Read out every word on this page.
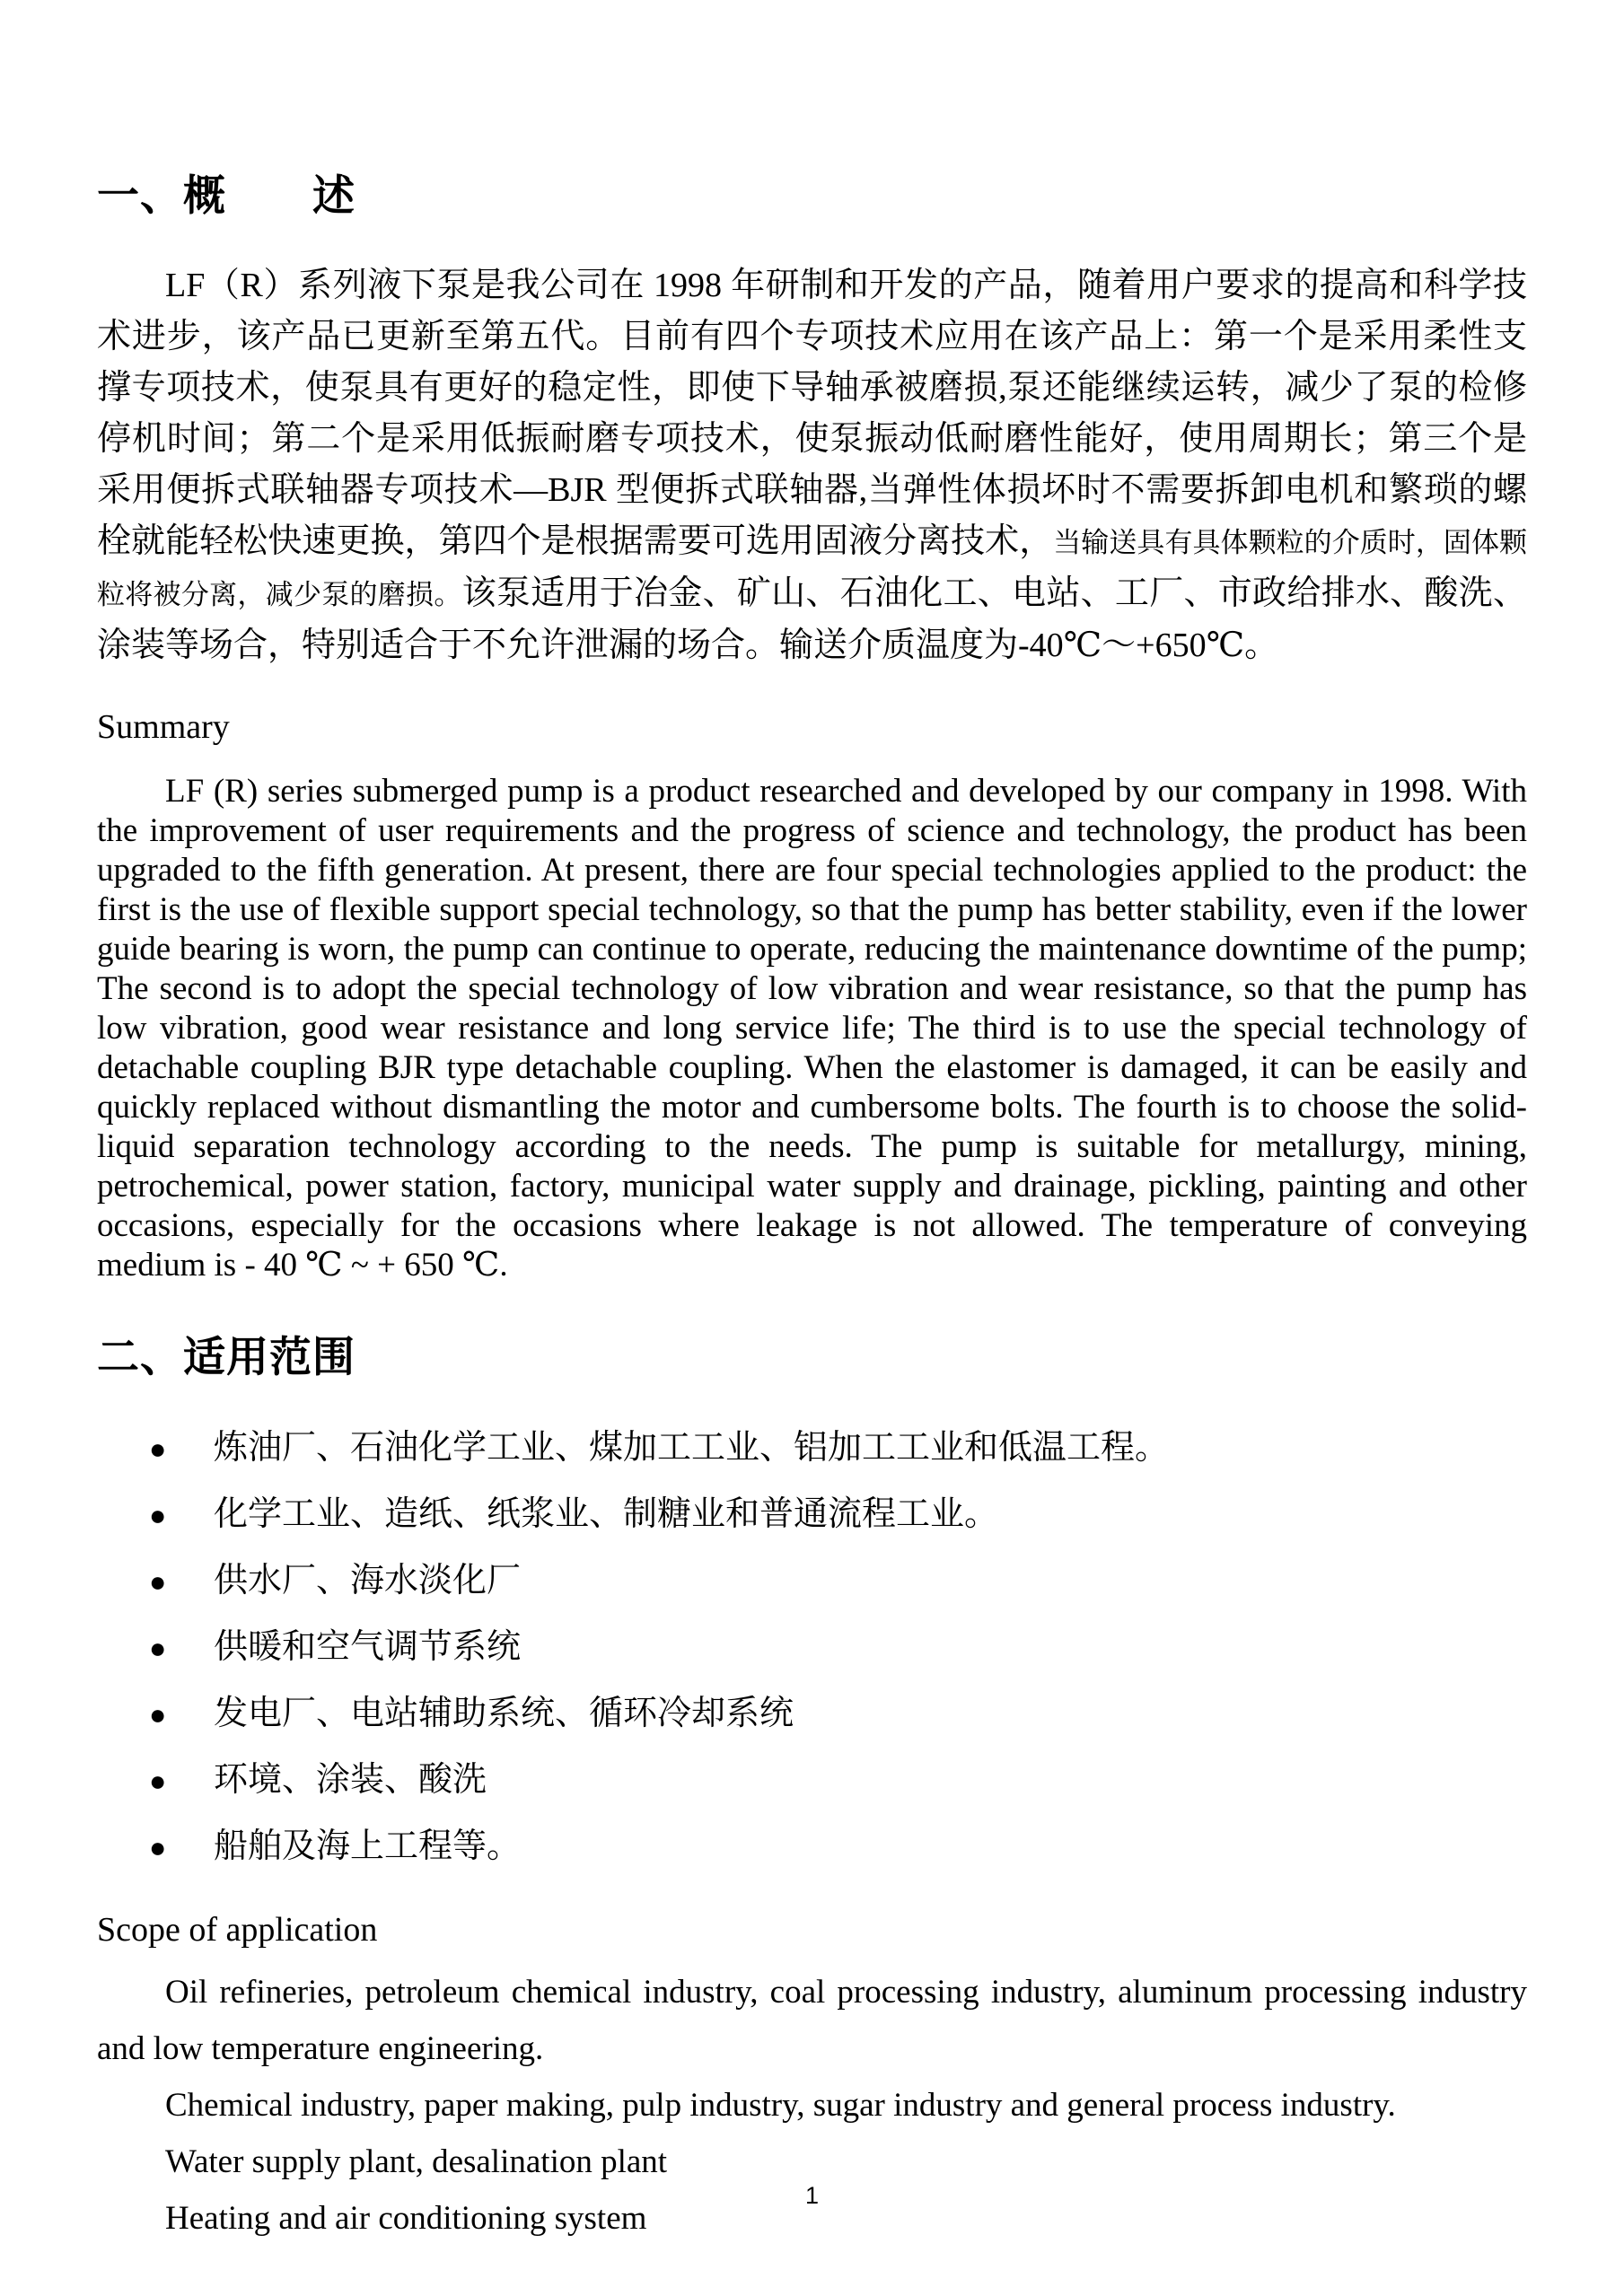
一、概　　述

LF（R）系列液下泵是我公司在 1998 年研制和开发的产品，随着用户要求的提高和科学技术进步，该产品已更新至第五代。目前有四个专项技术应用在该产品上：第一个是采用柔性支撑专项技术，使泵具有更好的稳定性，即使下导轴承被磨损,泵还能继续运转，减少了泵的检修停机时间；第二个是采用低振耐磨专项技术，使泵振动低耐磨性能好，使用周期长；第三个是采用便拆式联轴器专项技术—BJR 型便拆式联轴器,当弹性体损坏时不需要拆卸电机和繁琐的螺栓就能轻松快速更换，第四个是根据需要可选用固液分离技术，当输送具有具体颗粒的介质时，固体颗粒将被分离，减少泵的磨损。该泵适用于冶金、矿山、石油化工、电站、工厂、市政给排水、酸洗、涂装等场合，特别适合于不允许泄漏的场合。输送介质温度为-40℃～+650℃。

Summary

LF (R) series submerged pump is a product researched and developed by our company in 1998. With the improvement of user requirements and the progress of science and technology, the product has been upgraded to the fifth generation. At present, there are four special technologies applied to the product: the first is the use of flexible support special technology, so that the pump has better stability, even if the lower guide bearing is worn, the pump can continue to operate, reducing the maintenance downtime of the pump; The second is to adopt the special technology of low vibration and wear resistance, so that the pump has low vibration, good wear resistance and long service life; The third is to use the special technology of detachable coupling BJR type detachable coupling. When the elastomer is damaged, it can be easily and quickly replaced without dismantling the motor and cumbersome bolts. The fourth is to choose the solid-liquid separation technology according to the needs. The pump is suitable for metallurgy, mining, petrochemical, power station, factory, municipal water supply and drainage, pickling, painting and other occasions, especially for the occasions where leakage is not allowed. The temperature of conveying medium is - 40 ℃ ~ + 650 ℃.

二、适用范围
●	炼油厂、石油化学工业、煤加工工业、铝加工工业和低温工程。
●	化学工业、造纸、纸浆业、制糖业和普通流程工业。
●	供水厂、海水淡化厂
●	供暖和空气调节系统
●	发电厂、电站辅助系统、循环冷却系统
●	环境、涂装、酸洗
●	船舶及海上工程等。

Scope of application

Oil refineries, petroleum chemical industry, coal processing industry, aluminum processing industry and low temperature engineering.

Chemical industry, paper making, pulp industry, sugar industry and general process industry.

Water supply plant, desalination plant

Heating and air conditioning system

1
